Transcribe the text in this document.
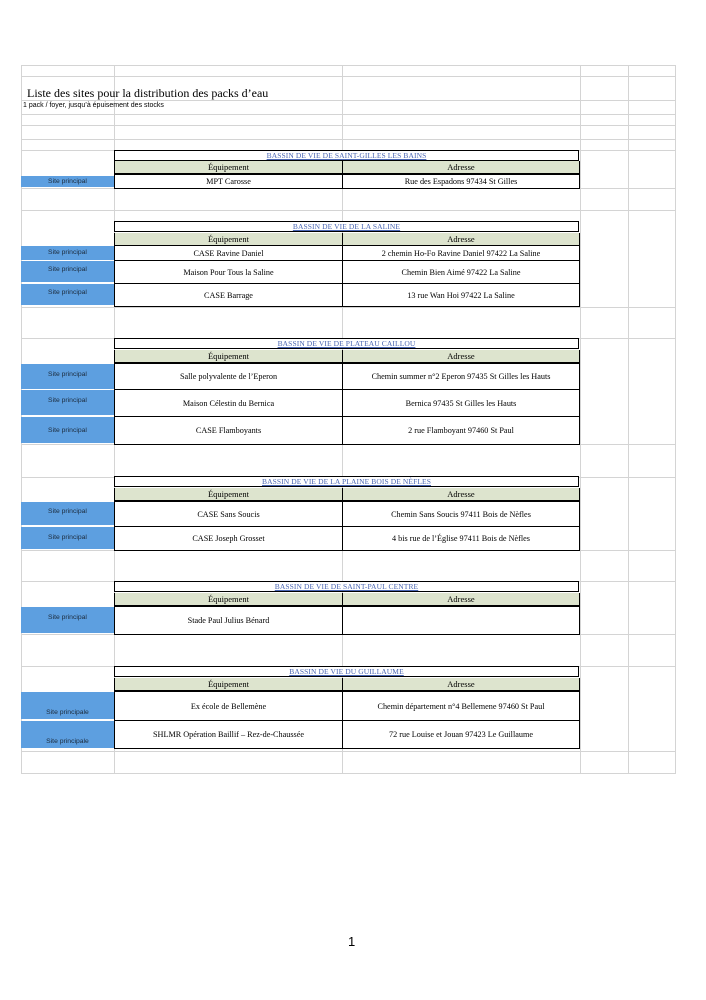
Liste des sites pour la distribution des packs d’eau
1 pack / foyer, jusqu’à épuisement des stocks
BASSIN DE VIE DE SAINT-GILLES LES BAINS
Équipement	Adresse
MPT Carosse	Rue des Espadons 97434 St Gilles
Site principal
BASSIN DE VIE DE LA SALINE
Équipement	Adresse
CASE Ravine Daniel	2 chemin Ho-Fo Ravine Daniel 97422 La Saline
Site principal
Maison Pour Tous la Saline	Chemin Bien Aimé 97422 La Saline
Site principal
CASE Barrage	13 rue Wan Hoi 97422 La Saline
Site principal
BASSIN DE VIE DE PLATEAU CAILLOU
Équipement	Adresse
Salle polyvalente de l’Eperon	Chemin summer n°2 Eperon 97435 St Gilles les Hauts
Site principal
Maison Célestin du Bernica	Bernica 97435 St Gilles les Hauts
Site principal
CASE Flamboyants	2 rue Flamboyant 97460 St Paul
Site principal
BASSIN DE VIE DE LA PLAINE BOIS DE NÈFLES
Équipement	Adresse
CASE Sans Soucis	Chemin Sans Soucis 97411 Bois de Nèfles
Site principal
CASE Joseph Grosset	4 bis rue de l’Église 97411 Bois de Nèfles
Site principal
BASSIN DE VIE DE SAINT-PAUL CENTRE
Équipement	Adresse
Stade Paul Julius Bénard
Site principal
BASSIN DE VIE DU GUILLAUME
Équipement	Adresse
Ex école de Bellemène	Chemin département n°4 Bellemene 97460 St Paul
Site principale
SHLMR Opération Baillif – Rez-de-Chaussée	72 rue Louise et Jouan 97423 Le Guillaume
Site principale
1
